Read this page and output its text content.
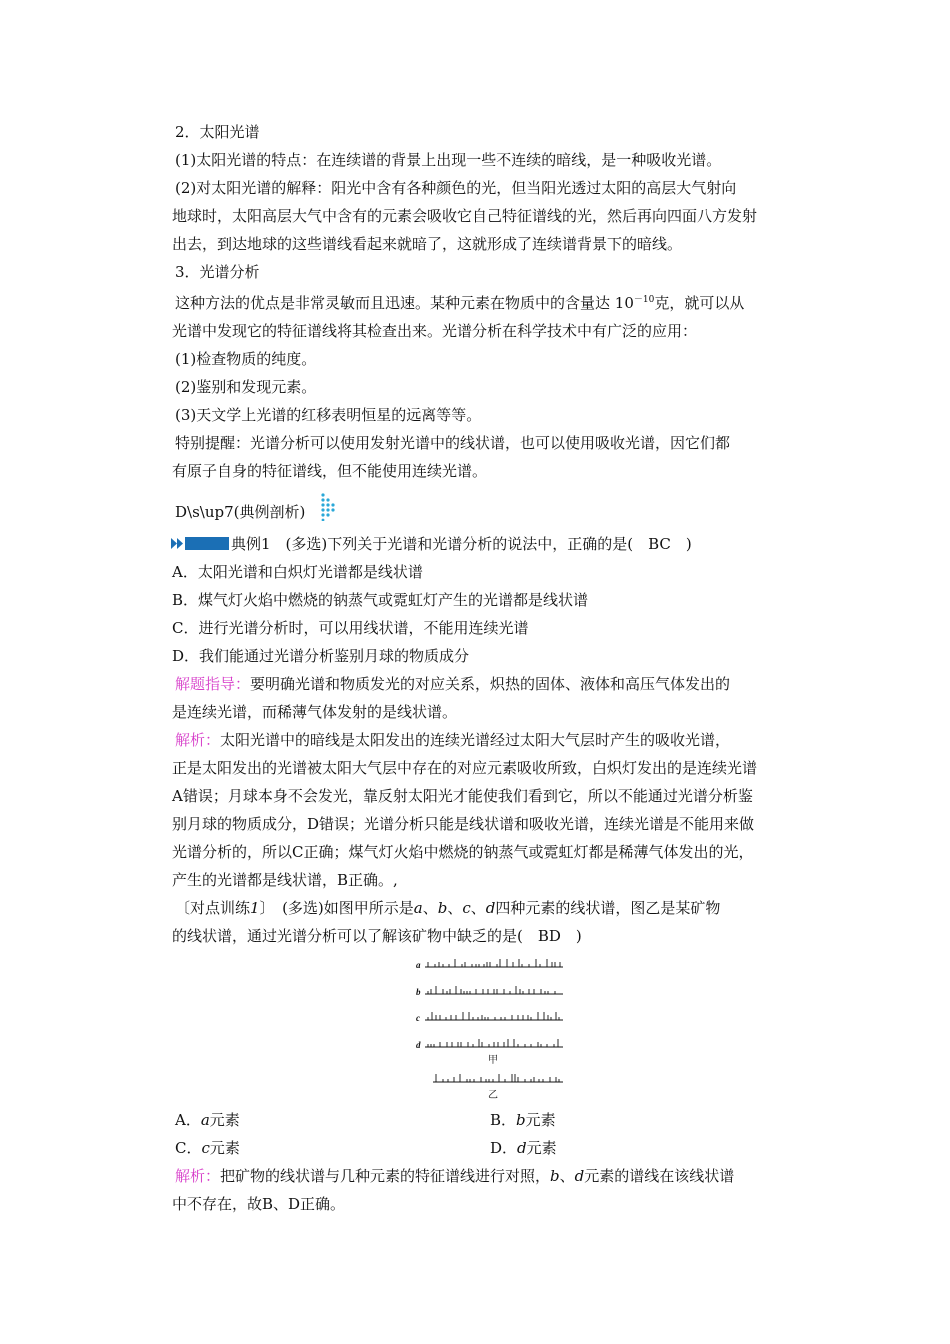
2．太阳光谱
(1)太阳光谱的特点：在连续谱的背景上出现一些不连续的暗线，是一种吸收光谱。
(2)对太阳光谱的解释：阳光中含有各种颜色的光，但当阳光透过太阳的高层大气射向
地球时，太阳高层大气中含有的元素会吸收它自己特征谱线的光，然后再向四面八方发射
出去，到达地球的这些谱线看起来就暗了，这就形成了连续谱背景下的暗线。
3．光谱分析
这种方法的优点是非常灵敏而且迅速。某种元素在物质中的含量达 $10^{-10}$克，就可以从
光谱中发现它的特征谱线将其检查出来。光谱分析在科学技术中有广泛的应用：
(1)检查物质的纯度。
(2)鉴别和发现元素。
(3)天文学上光谱的红移表明恒星的远离等等。
特别提醒：光谱分析可以使用发射光谱中的线状谱，也可以使用吸收光谱，因它们都
有原子自身的特征谱线，但不能使用连续光谱。
D\s\up7(典例剖析)
典例1　(多选)下列关于光谱和光谱分析的说法中，正确的是(　BC　)
A．太阳光谱和白炽灯光谱都是线状谱
B．煤气灯火焰中燃烧的钠蒸气或霓虹灯产生的光谱都是线状谱
C．进行光谱分析时，可以用线状谱，不能用连续光谱
D．我们能通过光谱分析鉴别月球的物质成分
解题指导：要明确光谱和物质发光的对应关系，炽热的固体、液体和高压气体发出的
是连续光谱，而稀薄气体发射的是线状谱。
解析：太阳光谱中的暗线是太阳发出的连续光谱经过太阳大气层时产生的吸收光谱，
正是太阳发出的光谱被太阳大气层中存在的对应元素吸收所致，白炽灯发出的是连续光谱
A错误；月球本身不会发光，靠反射太阳光才能使我们看到它，所以不能通过光谱分析鉴
别月球的物质成分，D错误；光谱分析只能是线状谱和吸收光谱，连续光谱是不能用来做
光谱分析的，所以C正确；煤气灯火焰中燃烧的钠蒸气或霓虹灯都是稀薄气体发出的光，
产生的光谱都是线状谱，B正确。,
〔对点训练1〕　(多选)如图甲所示是a、b、c、d四种元素的线状谱，图乙是某矿物
的线状谱，通过光谱分析可以了解该矿物中缺乏的是(　BD　)
a
b
c
d
甲
乙
A．a元素	B．b元素
C．c元素	D．d元素
解析：把矿物的线状谱与几种元素的特征谱线进行对照，b、d元素的谱线在该线状谱
中不存在，故B、D正确。
